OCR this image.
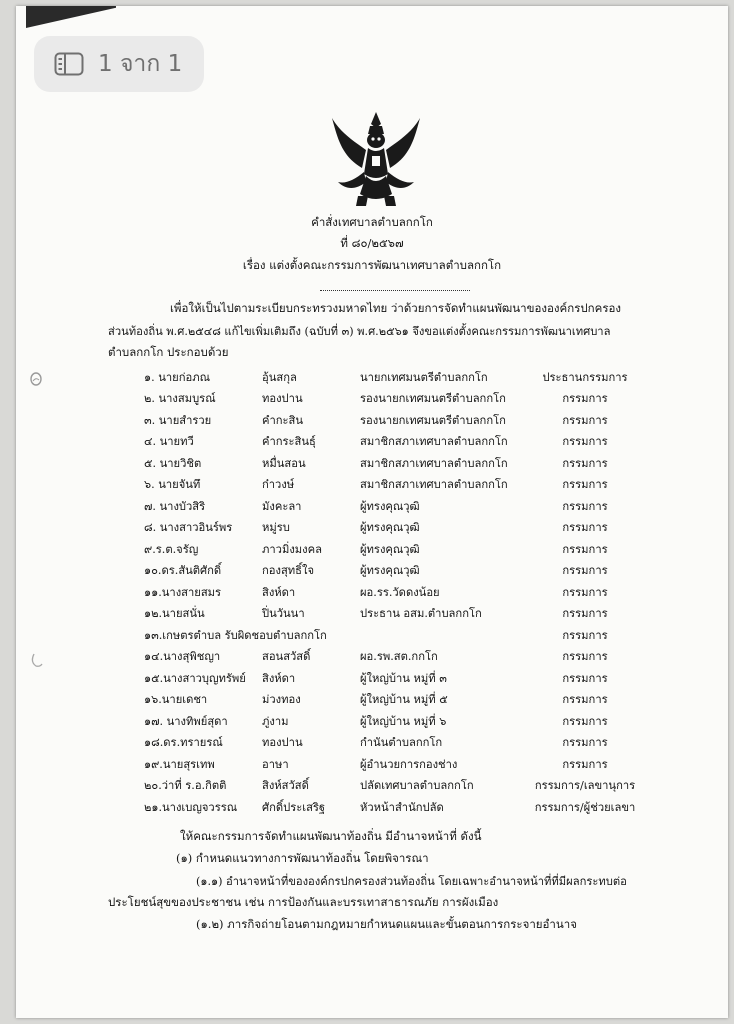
คำสั่งเทศบาลตำบลกกโก
ที่ ๘๐/๒๕๖๗
เรื่อง แต่งตั้งคณะกรรมการพัฒนาเทศบาลตำบลกกโก
เพื่อให้เป็นไปตามระเบียบกระทรวงมหาดไทย ว่าด้วยการจัดทำแผนพัฒนาขององค์กรปกครอง
ส่วนท้องถิ่น พ.ศ.๒๕๔๘ แก้ไขเพิ่มเติมถึง (ฉบับที่ ๓) พ.ศ.๒๕๖๑ จึงขอแต่งตั้งคณะกรรมการพัฒนาเทศบาล
ตำบลกกโก ประกอบด้วย
๑. นายก่อภณ	อุ้นสกุล	นายกเทศมนตรีตำบลกกโก	ประธานกรรมการ
๒. นางสมบูรณ์	ทองปาน	รองนายกเทศมนตรีตำบลกกโก	กรรมการ
๓. นายสำรวย	คำกะสิน	รองนายกเทศมนตรีตำบลกกโก	กรรมการ
๔. นายทวี	คำกระสินธุ์	สมาชิกสภาเทศบาลตำบลกกโก	กรรมการ
๕. นายวิชิต	หมื่นสอน	สมาชิกสภาเทศบาลตำบลกกโก	กรรมการ
๖. นายจันทึ	ก๋าวงษ์	สมาชิกสภาเทศบาลตำบลกกโก	กรรมการ
๗. นางบัวสิริ	มังคะลา	ผู้ทรงคุณวุฒิ	กรรมการ
๘. นางสาวอินร์พร	หมู่รบ	ผู้ทรงคุณวุฒิ	กรรมการ
๙.ร.ต.จรัญ	ภาวมิ่งมงคล	ผู้ทรงคุณวุฒิ	กรรมการ
๑๐.ดร.สันติศักดิ์	กองสุทธิ์ใจ	ผู้ทรงคุณวุฒิ	กรรมการ
๑๑.นางสายสมร	สิงห์ดา	ผอ.รร.วัดดงน้อย	กรรมการ
๑๒.นายสนั่น	ปิ่นวันนา	ประธาน อสม.ตำบลกกโก	กรรมการ
๑๓.เกษตรตำบล รับผิดชอบตำบลกกโก	กรรมการ
๑๔.นางสุพิชญา	สอนสวัสดิ์	ผอ.รพ.สต.กกโก	กรรมการ
๑๕.นางสาวบุญทรัพย์ สิงห์ดา	ผู้ใหญ่บ้าน หมู่ที่ ๓	กรรมการ
๑๖.นายเดชา	ม่วงทอง	ผู้ใหญ่บ้าน หมู่ที่ ๕	กรรมการ
๑๗. นางทิพย์สุดา	ภู่งาม	ผู้ใหญ่บ้าน หมู่ที่ ๖	กรรมการ
๑๘.ดร.ทรายรณ์	ทองปาน	กำนันตำบลกกโก	กรรมการ
๑๙.นายสุรเทพ	อาษา	ผู้อำนวยการกองช่าง	กรรมการ
๒๐.ว่าที่ ร.อ.กิตติ	สิงห์สวัสดิ์	ปลัดเทศบาลตำบลกกโก	กรรมการ/เลขานุการ
๒๑.นางเบญจวรรณ ศักดิ์ประเสริฐ	หัวหน้าสำนักปลัด	กรรมการ/ผู้ช่วยเลขา
ให้คณะกรรมการจัดทำแผนพัฒนาท้องถิ่น มีอำนาจหน้าที่ ดังนี้
(๑) กำหนดแนวทางการพัฒนาท้องถิ่น โดยพิจารณา
(๑.๑) อำนาจหน้าที่ขององค์กรปกครองส่วนท้องถิ่น โดยเฉพาะอำนาจหน้าที่ที่มีผลกระทบต่อ
ประโยชน์สุขของประชาชน เช่น การป้องกันและบรรเทาสาธารณภัย การผังเมือง
(๑.๒) ภารกิจถ่ายโอนตามกฎหมายกำหนดแผนและขั้นตอนการกระจายอำนาจ
1 จาก 1
